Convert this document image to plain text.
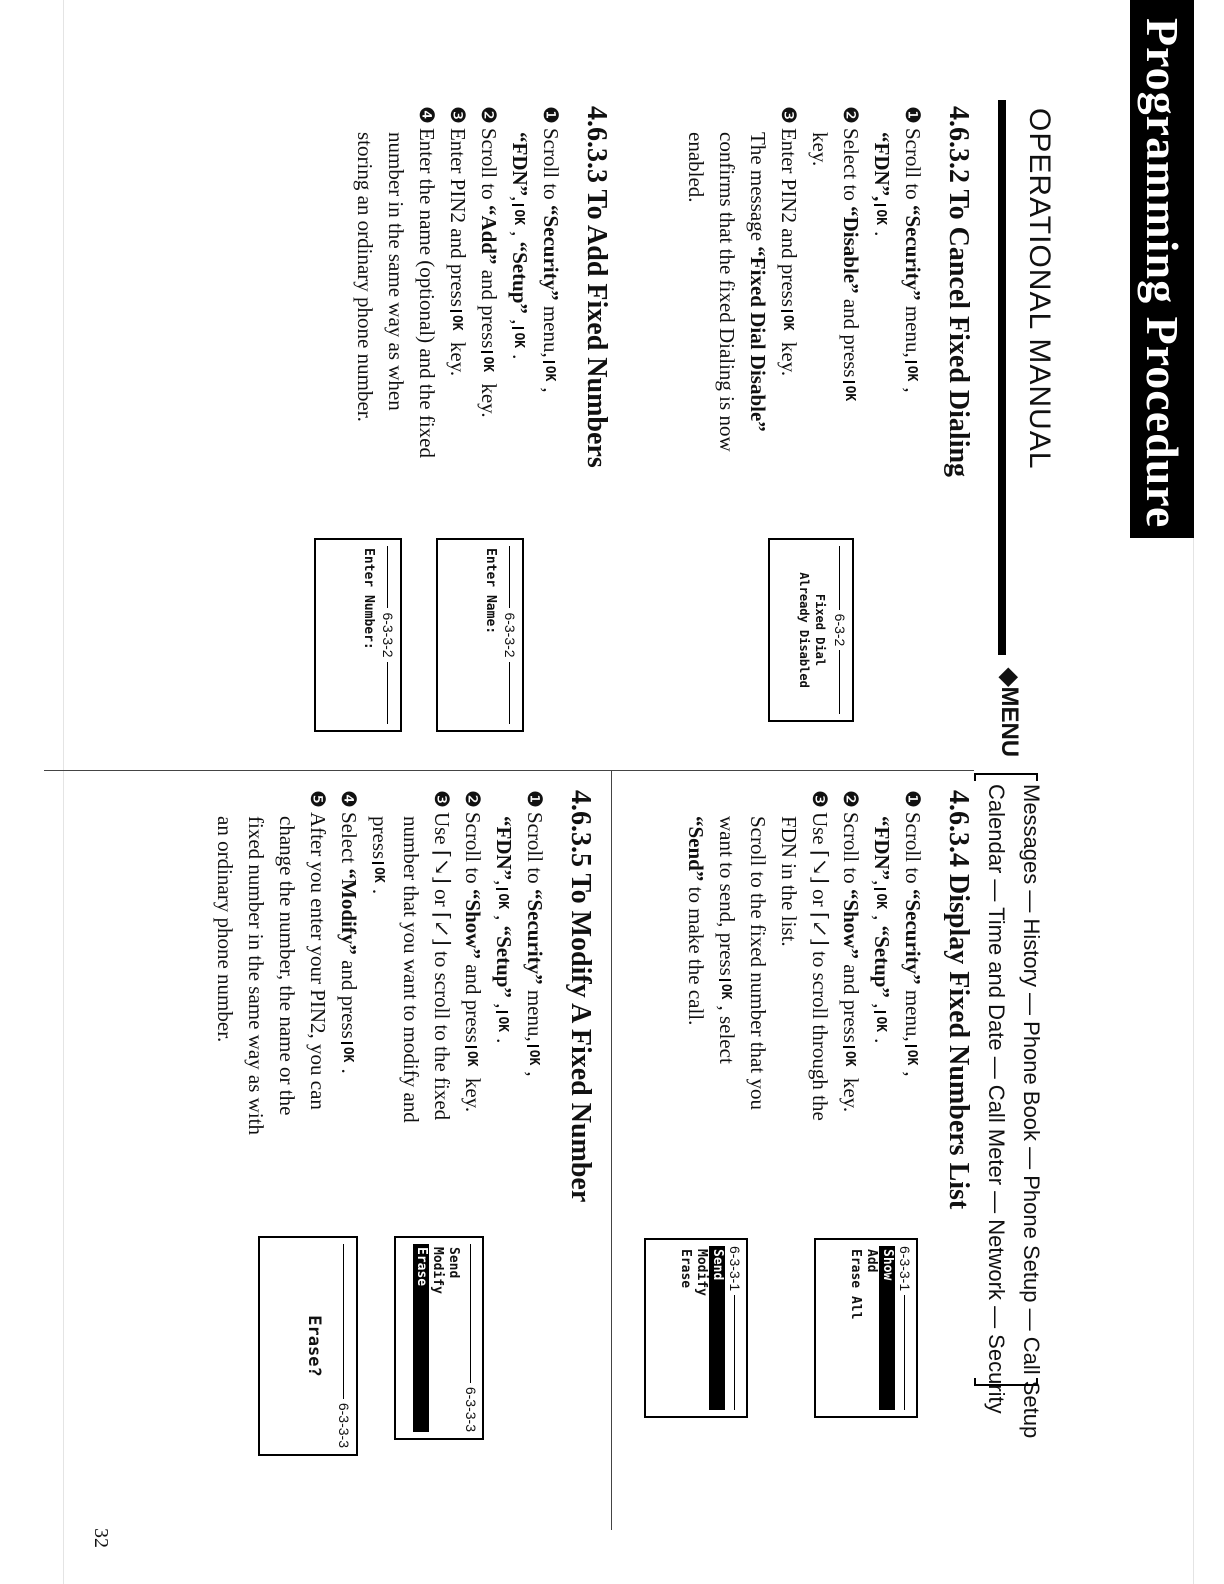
Programming Procedure
32
OPERATIONAL MANUAL
◆MENU
Messages — History — Phone Book — Phone Setup — Call Setup
Calendar — Time and Date — Call Meter — Network — Security
4.6.3.2 To Cancel Fixed Dialing
❶Scroll to “Security” menu,OK,
“FDN”,OK.
❷Select to “Disable” and pressOK
key.
❸Enter PIN2 and pressOK key.
The message “Fixed Dial Disable”
confirms that the fixed Dialing is now
enabled.
6-3-2
Fixed Dial
Already Disabled
4.6.3.3 To Add Fixed Numbers
❶Scroll to “Security” menu,OK,
“FDN”,OK, “Setup” ,OK.
❷Scroll to “Add” and pressOK key.
❸Enter PIN2 and pressOK key.
❹Enter the name (optional) and the fixed
number in the same way as when
storing an ordinary phone number.
6-3-3-2
Enter Name:
6-3-3-2
Enter Number:
4.6.3.4 Display Fixed Numbers List
❶Scroll to “Security” menu,OK,
“FDN”,OK, “Setup” ,OK.
❷Scroll to “Show” and pressOK key.
❸Use ⌈↘⌋ or ⌈↙⌋ to scroll through the
FDN in the list.
Scroll to the fixed number that you
want to send, pressOK, select
“Send” to make the call.
6-3-3-1
Show
Add
Erase All
6-3-3-1
Send
Modify
Erase
4.6.3.5 To Modify A Fixed Number
❶Scroll to “Security” menu,OK,
“FDN”,OK, “Setup” ,OK.
❷Scroll to “Show” and pressOK key.
❸Use ⌈↘⌋ or ⌈↙⌋ to scroll to the fixed
number that you want to modify and
pressOK.
❹Select “Modify” and pressOK.
❺After you enter your PIN2, you can
change the number, the name or the
fixed number in the same way as with
an ordinary phone number.
6-3-3-3
Send
Modify
Erase
6-3-3-3
Erase?
